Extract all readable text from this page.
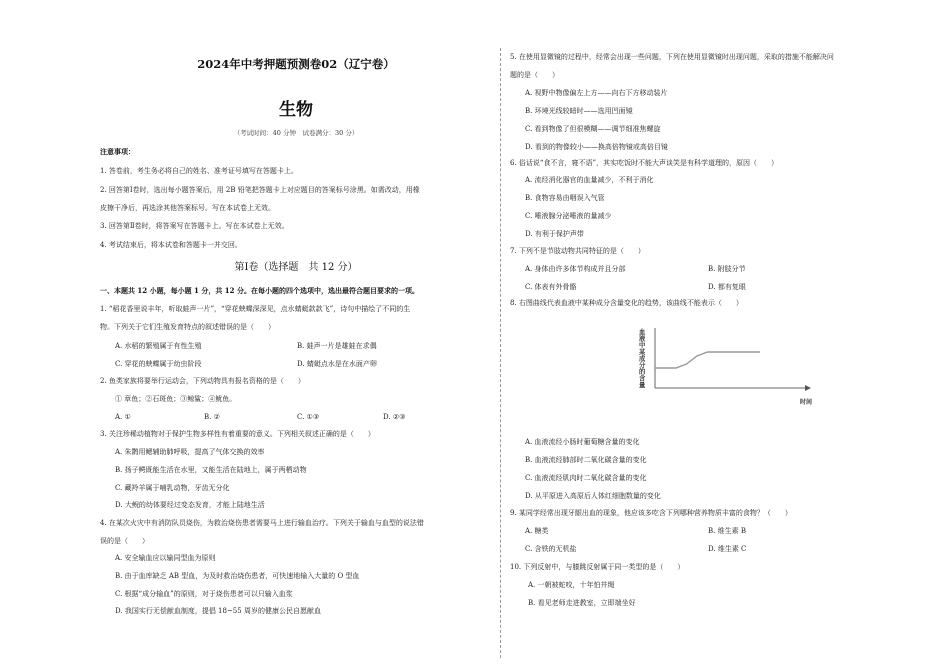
2024年中考押题预测卷02（辽宁卷）
生物
（考试时间：40 分钟　试卷满分：30 分）
注意事项：
1. 答卷前，考生务必将自己的姓名、准考证号填写在答题卡上。
2. 回答第Ⅰ卷时，选出每小题答案后，用 2B 铅笔把答题卡上对应题目的答案标号涂黑。如需改动，用橡
皮擦干净后，再选涂其他答案标号。写在本试卷上无效。
3. 回答第Ⅱ卷时，将答案写在答题卡上。写在本试卷上无效。
4. 考试结束后，将本试卷和答题卡一并交回。
第Ⅰ卷（选择题　共 12 分）
一、本题共 12 小题，每小题 1 分，共 12 分。在每小题的四个选项中，选出最符合题目要求的一项。
1. “稻花香里说丰年，听取蛙声一片”，“穿花蛱蝶深深见，点水蜻蜓款款飞”，诗句中描绘了不同的生
物。下列关于它们生殖发育特点的叙述错误的是（　　）
A. 水稻的繁殖属于有性生殖	B. 蛙声一片是雄蛙在求偶
C. 穿花的蛱蝶属于幼虫阶段	D. 蜻蜓点水是在水面产卵
2. 鱼类家族将要举行运动会，下列动物具有报名资格的是（　　）
① 章鱼；②石斑鱼；③鲸鲨；④鱿鱼。
A. ①	B. ②	C. ①③	D. ②③
3. 关注珍稀动植物对于保护生物多样性有着重要的意义。下列相关叙述正确的是（　　）
A. 朱鹮用鳃辅助肺呼吸，提高了气体交换的效率
B. 扬子鳄既能生活在水里，又能生活在陆地上，属于两栖动物
C. 藏羚羊属于哺乳动物，牙齿无分化
D. 大鲵的幼体要经过变态发育，才能上陆地生活
4. 在某次火灾中有消防队员烧伤，为救治烧伤患者需要马上进行输血治疗。下列关于输血与血型的说法错
误的是（　　）
A. 安全输血应以输同型血为原则
B. 由于血库缺乏 AB 型血，为及时救治烧伤患者，可快速地输入大量的 O 型血
C. 根据“成分输血”的原则，对于烧伤患者可以只输入血浆
D. 我国实行无偿献血制度，提倡 18~55 周岁的健康公民自愿献血
5. 在使用显微镜的过程中，经常会出现一些问题，下列在使用显微镜时出现问题，采取的措施不能解决问
题的是（　　）
A. 视野中物像偏左上方——向右下方移动装片
B. 环境光线较暗时——选用凹面镜
C. 看到物像了但很模糊——调节细准焦螺旋
D. 看到的物像较小——换高倍物镜或高倍目镜
6. 俗话说“食不言，寝不语”，其实吃饭时不能大声谈笑是有科学道理的，原因（　　）
A. 流经消化器官的血量减少，不利于消化
B. 食物容易由咽误入气管
C. 唾液腺分泌唾液的量减少
D. 有利于保护声带
7. 下列不是节肢动物共同特征的是（　　）
A. 身体由许多体节构成并且分部	B. 附肢分节
C. 体表有外骨骼	D. 都有复眼
8. 右图曲线代表血液中某种成分含量变化的趋势，该曲线不能表示（　　）
血液中某成分的含量
时间
A. 血液流经小肠时葡萄糖含量的变化
B. 血液流经肺部时二氧化碳含量的变化
C. 血液流经肌肉时二氧化碳含量的变化
D. 从平原进入高原后人体红细胞数量的变化
9. 某同学经常出现牙龈出血的现象，他应该多吃含下列哪种营养物质丰富的食物？（　　）
A. 糖类	B. 维生素 B
C. 含铁的无机盐	D. 维生素 C
10. 下列反射中，与膝跳反射属于同一类型的是（　　）
A. 一朝被蛇咬，十年怕井绳
B. 看见老师走进教室，立即端坐好
